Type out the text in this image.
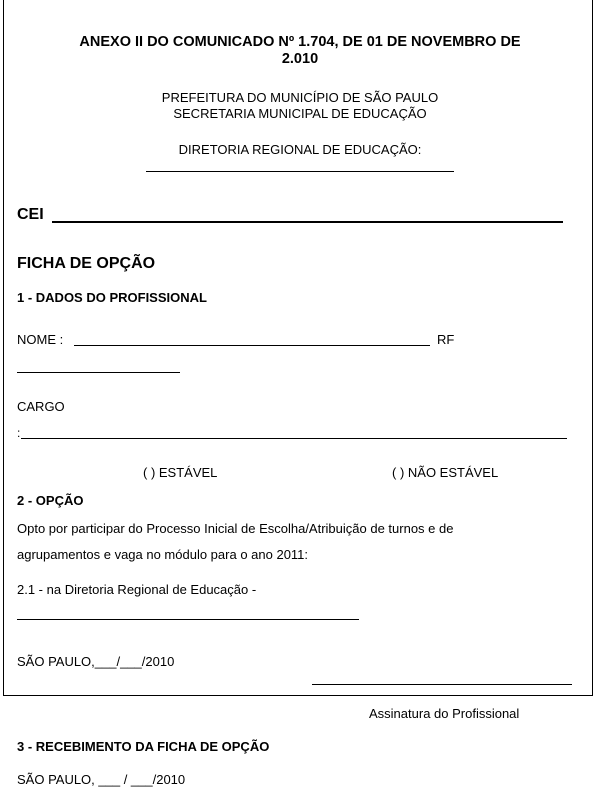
ANEXO II DO COMUNICADO Nº 1.704, DE 01 DE NOVEMBRO DE
2.010
PREFEITURA DO MUNICÍPIO DE SÃO PAULO
SECRETARIA MUNICIPAL DE EDUCAÇÃO
DIRETORIA REGIONAL DE EDUCAÇÃO:
CEI
FICHA DE OPÇÃO
1 - DADOS DO PROFISSIONAL
NOME :	RF
CARGO
:
( ) ESTÁVEL	( ) NÃO ESTÁVEL
2 - OPÇÃO
Opto por participar do Processo Inicial de Escolha/Atribuição de turnos e de
agrupamentos e vaga no módulo para o ano 2011:
2.1 - na Diretoria Regional de Educação -
SÃO PAULO,___/___/2010
Assinatura do Profissional
3 - RECEBIMENTO DA FICHA DE OPÇÃO
SÃO PAULO, ___ / ___/2010
